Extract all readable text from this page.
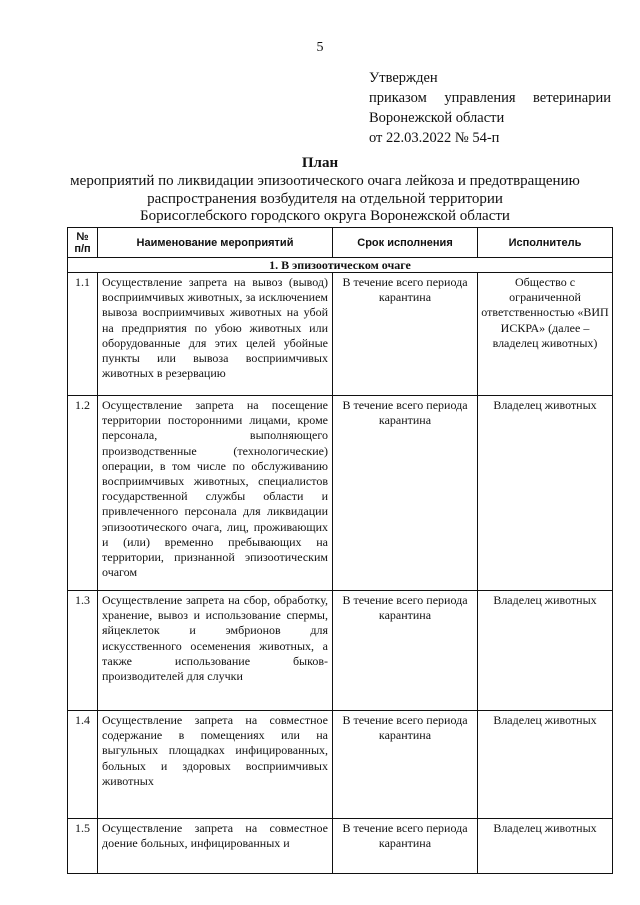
5
Утвержден
приказом управления ветеринарии
Воронежской области
от 22.03.2022 № 54-п
План
мероприятий по ликвидации эпизоотического очага лейкоза и предотвращению
распространения возбудителя на отдельной территории
Борисоглебского городского округа Воронежской области
№ п/п	Наименование мероприятий	Срок исполнения	Исполнитель
1. В эпизоотическом очаге			
1.1	Осуществление запрета на вывоз (вывод) восприимчивых животных, за исключением вывоза восприимчивых животных на убой на предприятия по убою животных или оборудованные для этих целей убойные пункты или вывоза восприимчивых животных в резервацию	В течение всего периода карантина	Общество с ограниченной ответственностью «ВИП ИСКРА» (далее – владелец животных)
1.2	Осуществление запрета на посещение территории посторонними лицами, кроме персонала, выполняющего производственные (технологические) операции, в том числе по обслуживанию восприимчивых животных, специалистов государственной службы области и привлеченного персонала для ликвидации эпизоотического очага, лиц, проживающих и (или) временно пребывающих на территории, признанной эпизоотическим очагом	В течение всего периода карантина	Владелец животных
1.3	Осуществление запрета на сбор, обработку, хранение, вывоз и использование спермы, яйцеклеток и эмбрионов для искусственного осеменения животных, а также использование быков-производителей для случки	В течение всего периода карантина	Владелец животных
1.4	Осуществление запрета на совместное содержание в помещениях или на выгульных площадках инфицированных, больных и здоровых восприимчивых животных	В течение всего периода карантина	Владелец животных
1.5	Осуществление запрета на совместное доение больных, инфицированных и	В течение всего периода карантина	Владелец животных
